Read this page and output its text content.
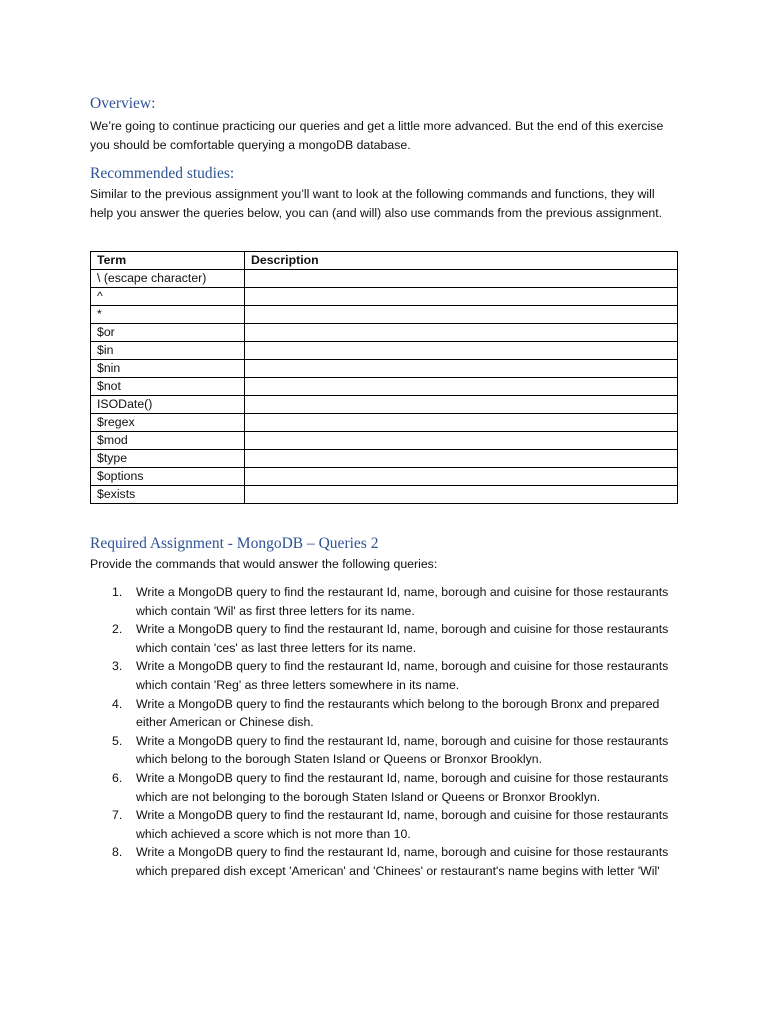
Overview:

We’re going to continue practicing our queries and get a little more advanced. But the end of this exercise you should be comfortable querying a mongoDB database.

Recommended studies:

Similar to the previous assignment you’ll want to look at the following commands and functions, they will help you answer the queries below, you can (and will) also use commands from the previous assignment.

Term	Description
\ (escape character)	
^	
*	
$or	
$in	
$nin	
$not	
ISODate()	
$regex	
$mod	
$type	
$options	
$exists	
Required Assignment - MongoDB – Queries 2

Provide the commands that would answer the following queries:

1. Write a MongoDB query to find the restaurant Id, name, borough and cuisine for those restaurants which contain 'Wil' as first three letters for its name.
2. Write a MongoDB query to find the restaurant Id, name, borough and cuisine for those restaurants which contain 'ces' as last three letters for its name.
3. Write a MongoDB query to find the restaurant Id, name, borough and cuisine for those restaurants which contain 'Reg' as three letters somewhere in its name.
4. Write a MongoDB query to find the restaurants which belong to the borough Bronx and prepared either American or Chinese dish.
5. Write a MongoDB query to find the restaurant Id, name, borough and cuisine for those restaurants which belong to the borough Staten Island or Queens or Bronxor Brooklyn.
6. Write a MongoDB query to find the restaurant Id, name, borough and cuisine for those restaurants which are not belonging to the borough Staten Island or Queens or Bronxor Brooklyn.
7. Write a MongoDB query to find the restaurant Id, name, borough and cuisine for those restaurants which achieved a score which is not more than 10.
8. Write a MongoDB query to find the restaurant Id, name, borough and cuisine for those restaurants which prepared dish except 'American' and 'Chinees' or restaurant's name begins with letter 'Wil'
